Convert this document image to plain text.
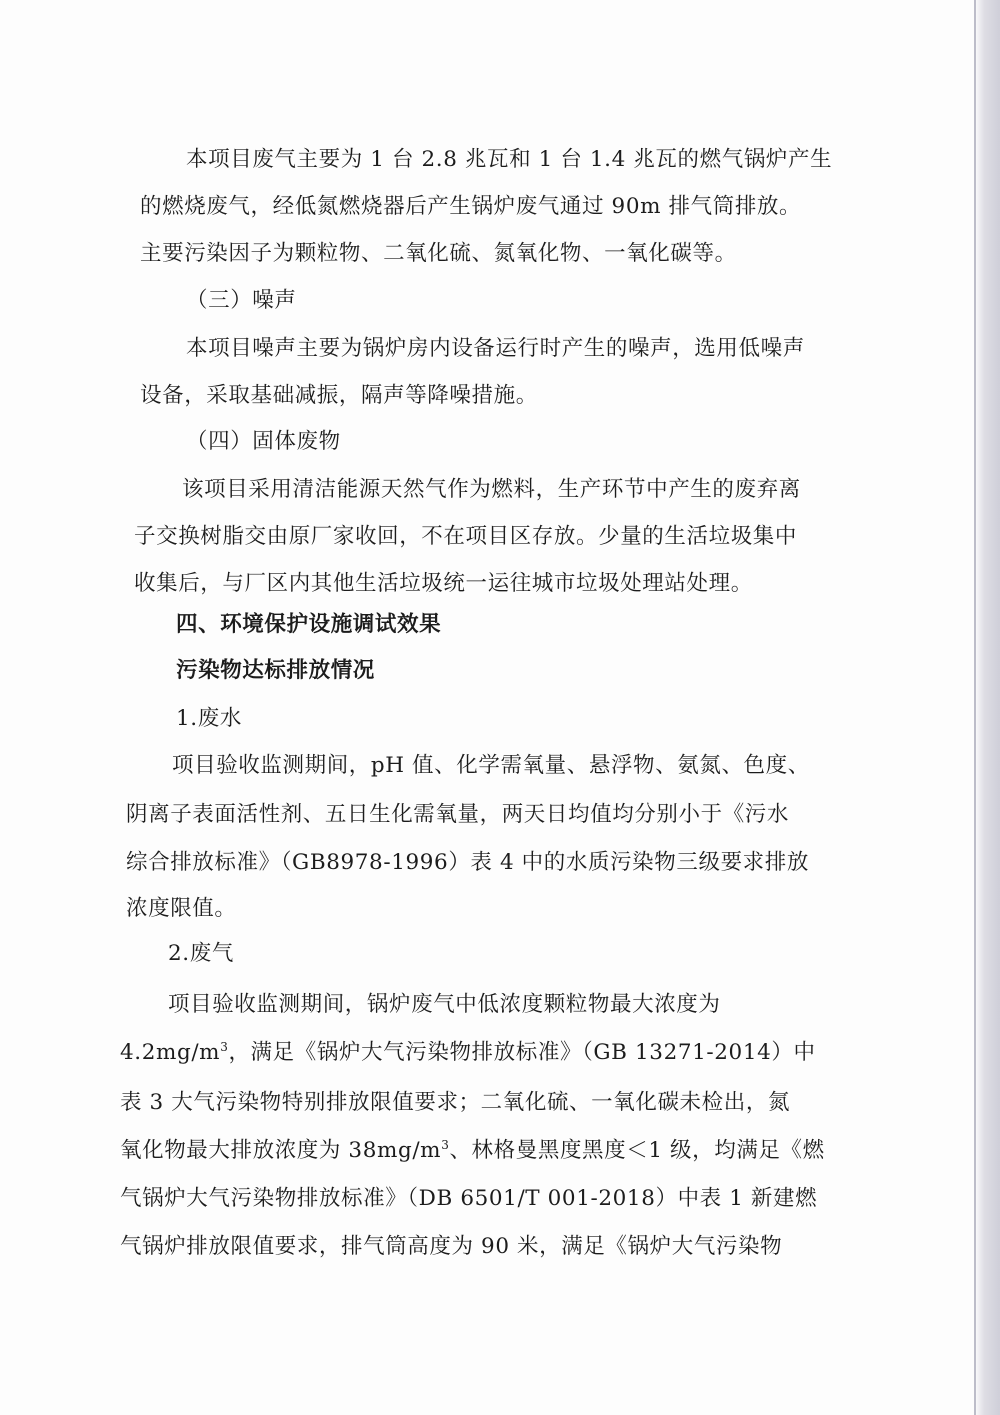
本项目废气主要为 1 台 2.8 兆瓦和 1 台 1.4 兆瓦的燃气锅炉产生
的燃烧废气，经低氮燃烧器后产生锅炉废气通过 90m 排气筒排放。
主要污染因子为颗粒物、二氧化硫、氮氧化物、一氧化碳等。
（三）噪声
本项目噪声主要为锅炉房内设备运行时产生的噪声，选用低噪声
设备，采取基础减振，隔声等降噪措施。
（四）固体废物
该项目采用清洁能源天然气作为燃料，生产环节中产生的废弃离
子交换树脂交由原厂家收回，不在项目区存放。少量的生活垃圾集中
收集后，与厂区内其他生活垃圾统一运往城市垃圾处理站处理。
四、环境保护设施调试效果
污染物达标排放情况
1.废水
项目验收监测期间，pH 值、化学需氧量、悬浮物、氨氮、色度、
阴离子表面活性剂、五日生化需氧量，两天日均值均分别小于《污水
综合排放标准》（GB8978-1996）表 4 中的水质污染物三级要求排放
浓度限值。
2.废气
项目验收监测期间，锅炉废气中低浓度颗粒物最大浓度为
$4.2mg/m^3$，满足《锅炉大气污染物排放标准》（GB 13271-2014）中
表 3 大气污染物特别排放限值要求；二氧化硫、一氧化碳未检出，氮
氧化物最大排放浓度为 $38mg/m^3$、林格曼黑度黑度＜1 级，均满足《燃
气锅炉大气污染物排放标准》（DB 6501/T 001-2018）中表 1 新建燃
气锅炉排放限值要求，排气筒高度为 90 米，满足《锅炉大气污染物
